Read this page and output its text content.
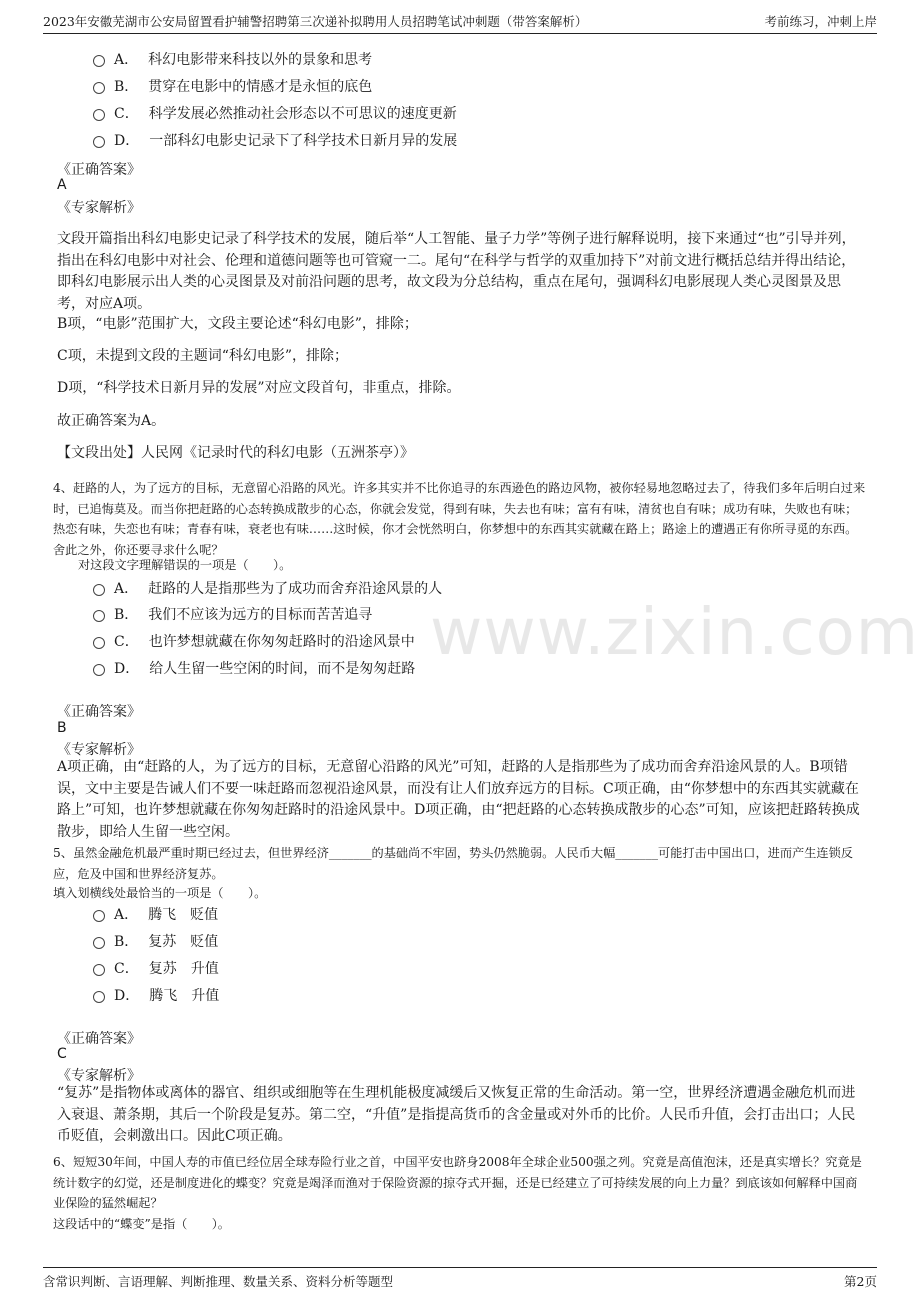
2023年安徽芜湖市公安局留置看护辅警招聘第三次递补拟聘用人员招聘笔试冲刺题（带答案解析）	考前练习，冲刺上岸
www.zixin.com
A． 科幻电影带来科技以外的景象和思考
B． 贯穿在电影中的情感才是永恒的底色
C． 科学发展必然推动社会形态以不可思议的速度更新
D． 一部科幻电影史记录下了科学技术日新月异的发展
《正确答案》
A
《专家解析》
文段开篇指出科幻电影史记录了科学技术的发展，随后举“人工智能、量子力学”等例子进行解释说明，接下来通过“也”引导并列，指出在科幻电影中对社会、伦理和道德问题等也可管窥一二。尾句“在科学与哲学的双重加持下”对前文进行概括总结并得出结论，即科幻电影展示出人类的心灵图景及对前沿问题的思考，故文段为分总结构，重点在尾句，强调科幻电影展现人类心灵图景及思考，对应A项。
B项，“电影”范围扩大，文段主要论述“科幻电影”，排除；
C项，未提到文段的主题词“科幻电影”，排除；
D项，“科学技术日新月异的发展”对应文段首句，非重点，排除。
故正确答案为A。
【文段出处】人民网《记录时代的科幻电影（五洲茶亭）》
4、赶路的人，为了远方的目标，无意留心沿路的风光。许多其实并不比你追寻的东西逊色的路边风物，被你轻易地忽略过去了，待我们多年后明白过来时，已追悔莫及。而当你把赶路的心态转换成散步的心态，你就会发觉，得到有味，失去也有味；富有有味，清贫也自有味；成功有味，失败也有味；热恋有味，失恋也有味；青春有味，衰老也有味……这时候，你才会恍然明白，你梦想中的东西其实就藏在路上；路途上的遭遇正有你所寻觅的东西。舍此之外，你还要寻求什么呢？
对这段文字理解错误的一项是（　　）。
A． 赶路的人是指那些为了成功而舍弃沿途风景的人
B． 我们不应该为远方的目标而苦苦追寻
C． 也许梦想就藏在你匆匆赶路时的沿途风景中
D． 给人生留一些空闲的时间，而不是匆匆赶路
《正确答案》
B
《专家解析》
A项正确，由“赶路的人，为了远方的目标，无意留心沿路的风光”可知，赶路的人是指那些为了成功而舍弃沿途风景的人。B项错误，文中主要是告诫人们不要一味赶路而忽视沿途风景，而没有让人们放弃远方的目标。C项正确，由“你梦想中的东西其实就藏在路上”可知，也许梦想就藏在你匆匆赶路时的沿途风景中。D项正确，由“把赶路的心态转换成散步的心态”可知，应该把赶路转换成散步，即给人生留一些空闲。
5、虽然金融危机最严重时期已经过去，但世界经济_______的基础尚不牢固，势头仍然脆弱。人民币大幅_______可能打击中国出口，进而产生连锁反应，危及中国和世界经济复苏。
填入划横线处最恰当的一项是（　　）。
A． 腾飞　贬值
B． 复苏　贬值
C． 复苏　升值
D． 腾飞　升值
《正确答案》
C
《专家解析》
“复苏”是指物体或离体的器官、组织或细胞等在生理机能极度减缓后又恢复正常的生命活动。第一空，世界经济遭遇金融危机而进入衰退、萧条期，其后一个阶段是复苏。第二空，“升值”是指提高货币的含金量或对外币的比价。人民币升值，会打击出口；人民币贬值，会刺激出口。因此C项正确。
6、短短30年间，中国人寿的市值已经位居全球寿险行业之首，中国平安也跻身2008年全球企业500强之列。究竟是高值泡沫，还是真实增长？究竟是统计数字的幻觉，还是制度进化的蝶变？究竟是竭泽而渔对于保险资源的掠夺式开掘，还是已经建立了可持续发展的向上力量？到底该如何解释中国商业保险的猛然崛起？
这段话中的“蝶变”是指（　　）。
含常识判断、言语理解、判断推理、数量关系、资料分析等题型	第2页
